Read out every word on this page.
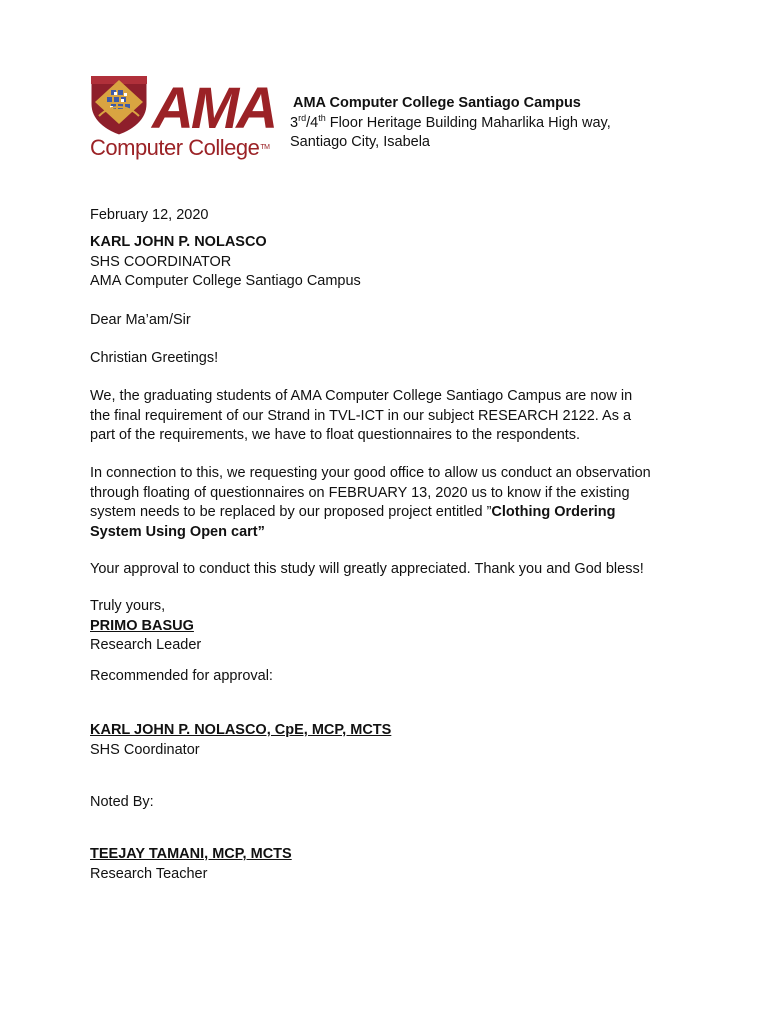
AMA
Computer College™
AMA Computer College Santiago Campus
3rd/4th Floor Heritage Building Maharlika High way,
Santiago City, Isabela
February 12, 2020
KARL JOHN P. NOLASCO
SHS COORDINATOR
AMA Computer College Santiago Campus
Dear Ma’am/Sir
Christian Greetings!
We, the graduating students of AMA Computer College Santiago Campus are now in
the final requirement of our Strand in TVL-ICT in our subject RESEARCH 2122. As a
part of the requirements, we have to float questionnaires to the respondents.
In connection to this, we requesting your good office to allow us conduct an observation
through floating of questionnaires on FEBRUARY 13, 2020 us to know if the existing
system needs to be replaced by our proposed project entitled ”Clothing Ordering
System Using Open cart”
Your approval to conduct this study will greatly appreciated. Thank you and God bless!
Truly yours,
PRIMO BASUG
Research Leader
Recommended for approval:
KARL JOHN P. NOLASCO, CpE, MCP, MCTS
SHS Coordinator
Noted By:
TEEJAY TAMANI, MCP, MCTS
Research Teacher
